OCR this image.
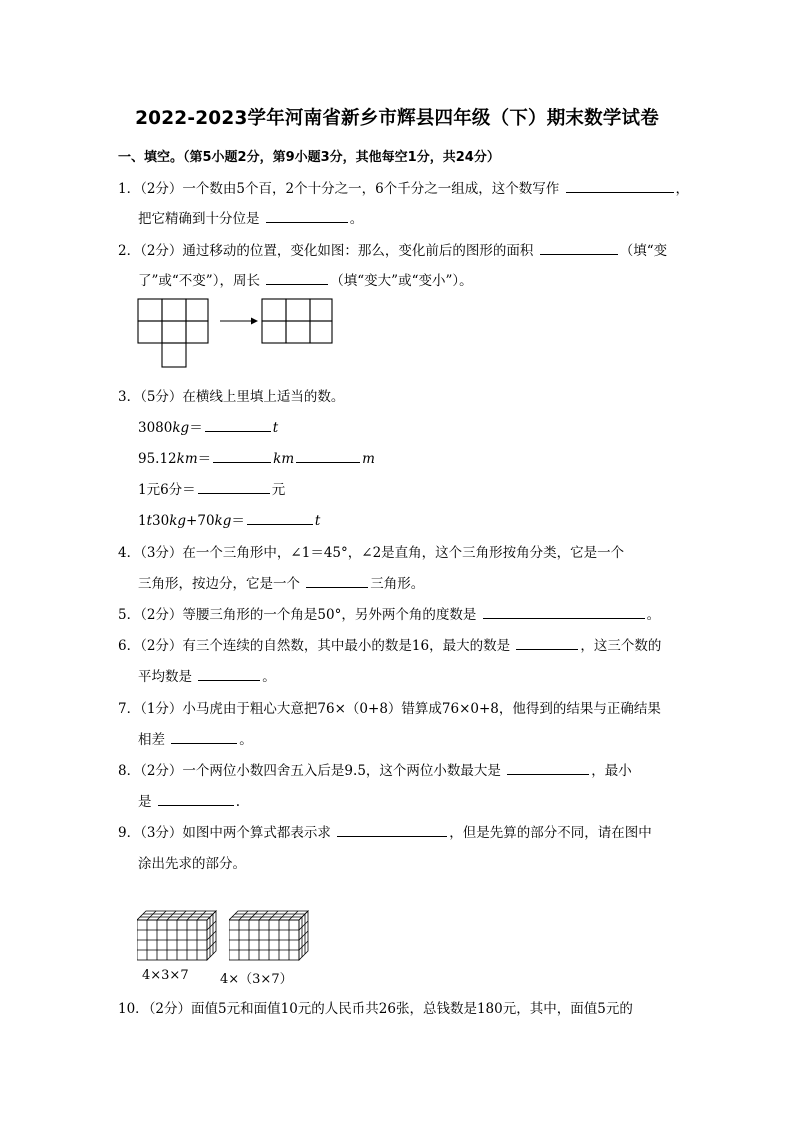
2022-2023学年河南省新乡市辉县四年级（下）期末数学试卷
一、填空。（第5小题2分，第9小题3分，其他每空1分，共24分）
1．（2分）一个数由5个百，2个十分之一，6个千分之一组成，这个数写作	，
把它精确到十分位是	。
2．（2分）通过移动的位置，变化如图：那么，变化前后的图形的面积	（填“变
了”或“不变”），周长	（填“变大”或“变小”）。
3．（5分）在横线上里填上适当的数。
3080kg＝	t
95.12km＝	km	m
1元6分＝	元
1t30kg+70kg＝	t
4．（3分）在一个三角形中，∠1＝45°，∠2是直角，这个三角形按角分类，它是一个
三角形，按边分，它是一个	三角形。
5．（2分）等腰三角形的一个角是50°，另外两个角的度数是	。
6．（2分）有三个连续的自然数，其中最小的数是16，最大的数是	，这三个数的
平均数是	。
7．（1分）小马虎由于粗心大意把76×（0+8）错算成76×0+8，他得到的结果与正确结果
相差	。
8．（2分）一个两位小数四舍五入后是9.5，这个两位小数最大是	，最小
是	.
9．（3分）如图中两个算式都表示求	，但是先算的部分不同，请在图中
涂出先求的部分。
4×3×7 4×（3×7）
10．（2分）面值5元和面值10元的人民币共26张，总钱数是180元，其中，面值5元的
